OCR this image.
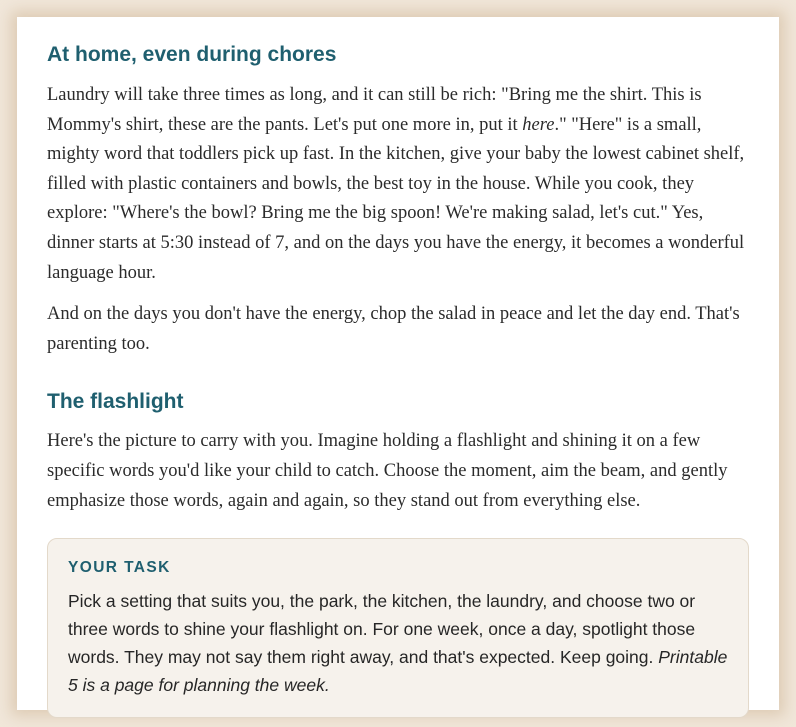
At home, even during chores

Laundry will take three times as long, and it can still be rich: "Bring me the shirt. This is Mommy's shirt, these are the pants. Let's put one more in, put it here." "Here" is a small, mighty word that toddlers pick up fast. In the kitchen, give your baby the lowest cabinet shelf, filled with plastic containers and bowls, the best toy in the house. While you cook, they explore: "Where's the bowl? Bring me the big spoon! We're making salad, let's cut." Yes, dinner starts at 5:30 instead of 7, and on the days you have the energy, it becomes a wonderful language hour.

And on the days you don't have the energy, chop the salad in peace and let the day end. That's parenting too.

The flashlight

Here's the picture to carry with you. Imagine holding a flashlight and shining it on a few specific words you'd like your child to catch. Choose the moment, aim the beam, and gently emphasize those words, again and again, so they stand out from everything else.

YOUR TASK

Pick a setting that suits you, the park, the kitchen, the laundry, and choose two or three words to shine your flashlight on. For one week, once a day, spotlight those words. They may not say them right away, and that's expected. Keep going. Printable 5 is a page for planning the week.
